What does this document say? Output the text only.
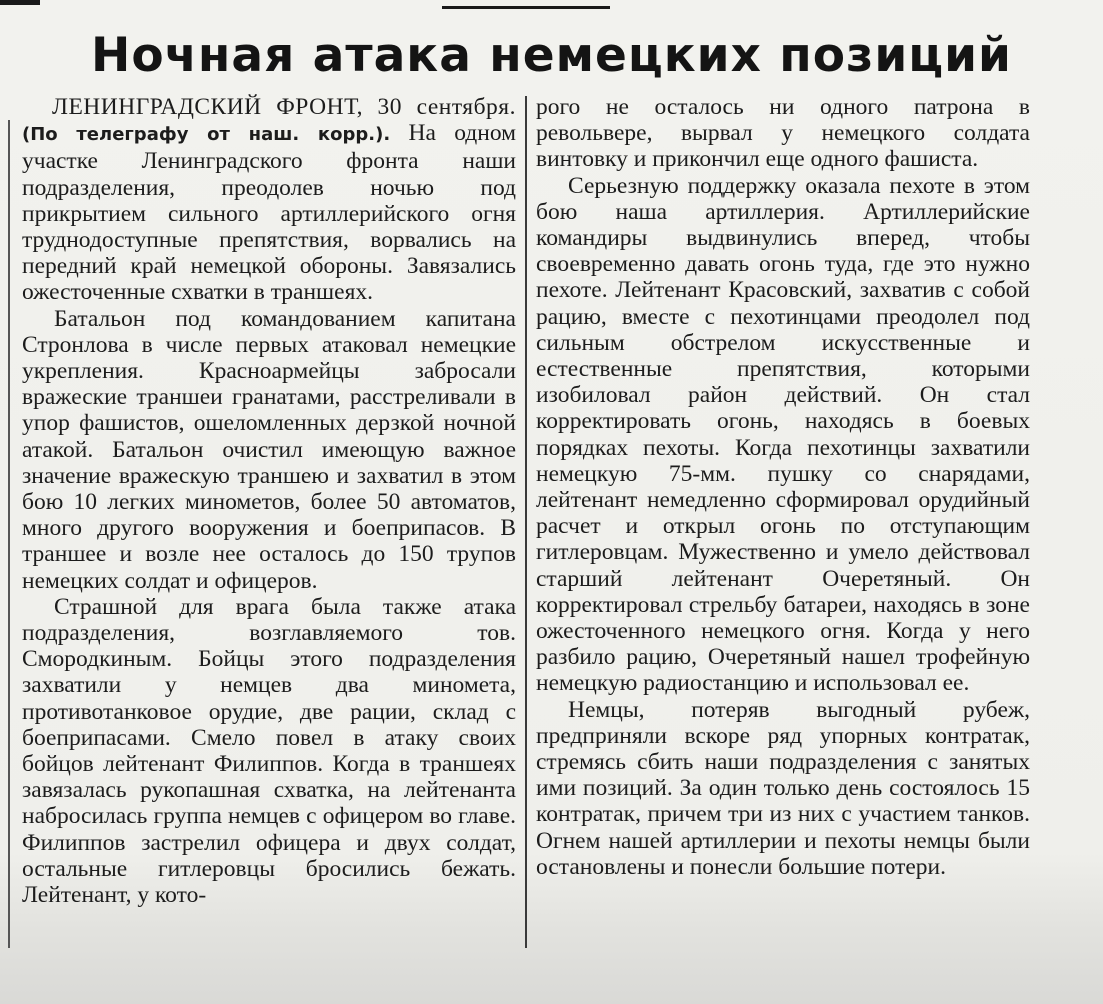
Ночная атака немецких позиций

ЛЕНИНГРАДСКИЙ ФРОНТ, 30 сентября. (По телеграфу от наш. корр.). На одном участке Ленинградского фронта наши подразделения, преодолев ночью под прикрытием сильного артиллерийского огня труднодоступные препятствия, ворвались на передний край немецкой обороны. Завязались ожесточенные схватки в траншеях.

Батальон под командованием капитана Стронлова в числе первых атаковал немецкие укрепления. Красноармейцы забросали вражеские траншеи гранатами, расстреливали в упор фашистов, ошеломленных дерзкой ночной атакой. Батальон очистил имеющую важное значение вражескую траншею и захватил в этом бою 10 легких минометов, более 50 автоматов, много другого вооружения и боеприпасов. В траншее и возле нее осталось до 150 трупов немецких солдат и офицеров.

Страшной для врага была также атака подразделения, возглавляемого тов. Смородкиным. Бойцы этого подразделения захватили у немцев два миномета, противотанковое орудие, две рации, склад с боеприпасами. Смело повел в атаку своих бойцов лейтенант Филиппов. Когда в траншеях завязалась рукопашная схватка, на лейтенанта набросилась группа немцев с офицером во главе. Филиппов застрелил офицера и двух солдат, остальные гитлеровцы бросились бежать. Лейтенант, у кото-

рого не осталось ни одного патрона в револьвере, вырвал у немецкого солдата винтовку и прикончил еще одного фашиста.

Серьезную поддержку оказала пехоте в этом бою наша артиллерия. Артиллерийские командиры выдвинулись вперед, чтобы своевременно давать огонь туда, где это нужно пехоте. Лейтенант Красовский, захватив с собой рацию, вместе с пехотинцами преодолел под сильным обстрелом искусственные и естественные препятствия, которыми изобиловал район действий. Он стал корректировать огонь, находясь в боевых порядках пехоты. Когда пехотинцы захватили немецкую 75-мм. пушку со снарядами, лейтенант немедленно сформировал орудийный расчет и открыл огонь по отступающим гитлеровцам. Мужественно и умело действовал старший лейтенант Очеретяный. Он корректировал стрельбу батареи, находясь в зоне ожесточенного немецкого огня. Когда у него разбило рацию, Очеретяный нашел трофейную немецкую радиостанцию и использовал ее.

Немцы, потеряв выгодный рубеж, предприняли вскоре ряд упорных контратак, стремясь сбить наши подразделения с занятых ими позиций. За один только день состоялось 15 контратак, причем три из них с участием танков. Огнем нашей артиллерии и пехоты немцы были остановлены и понесли большие потери.
